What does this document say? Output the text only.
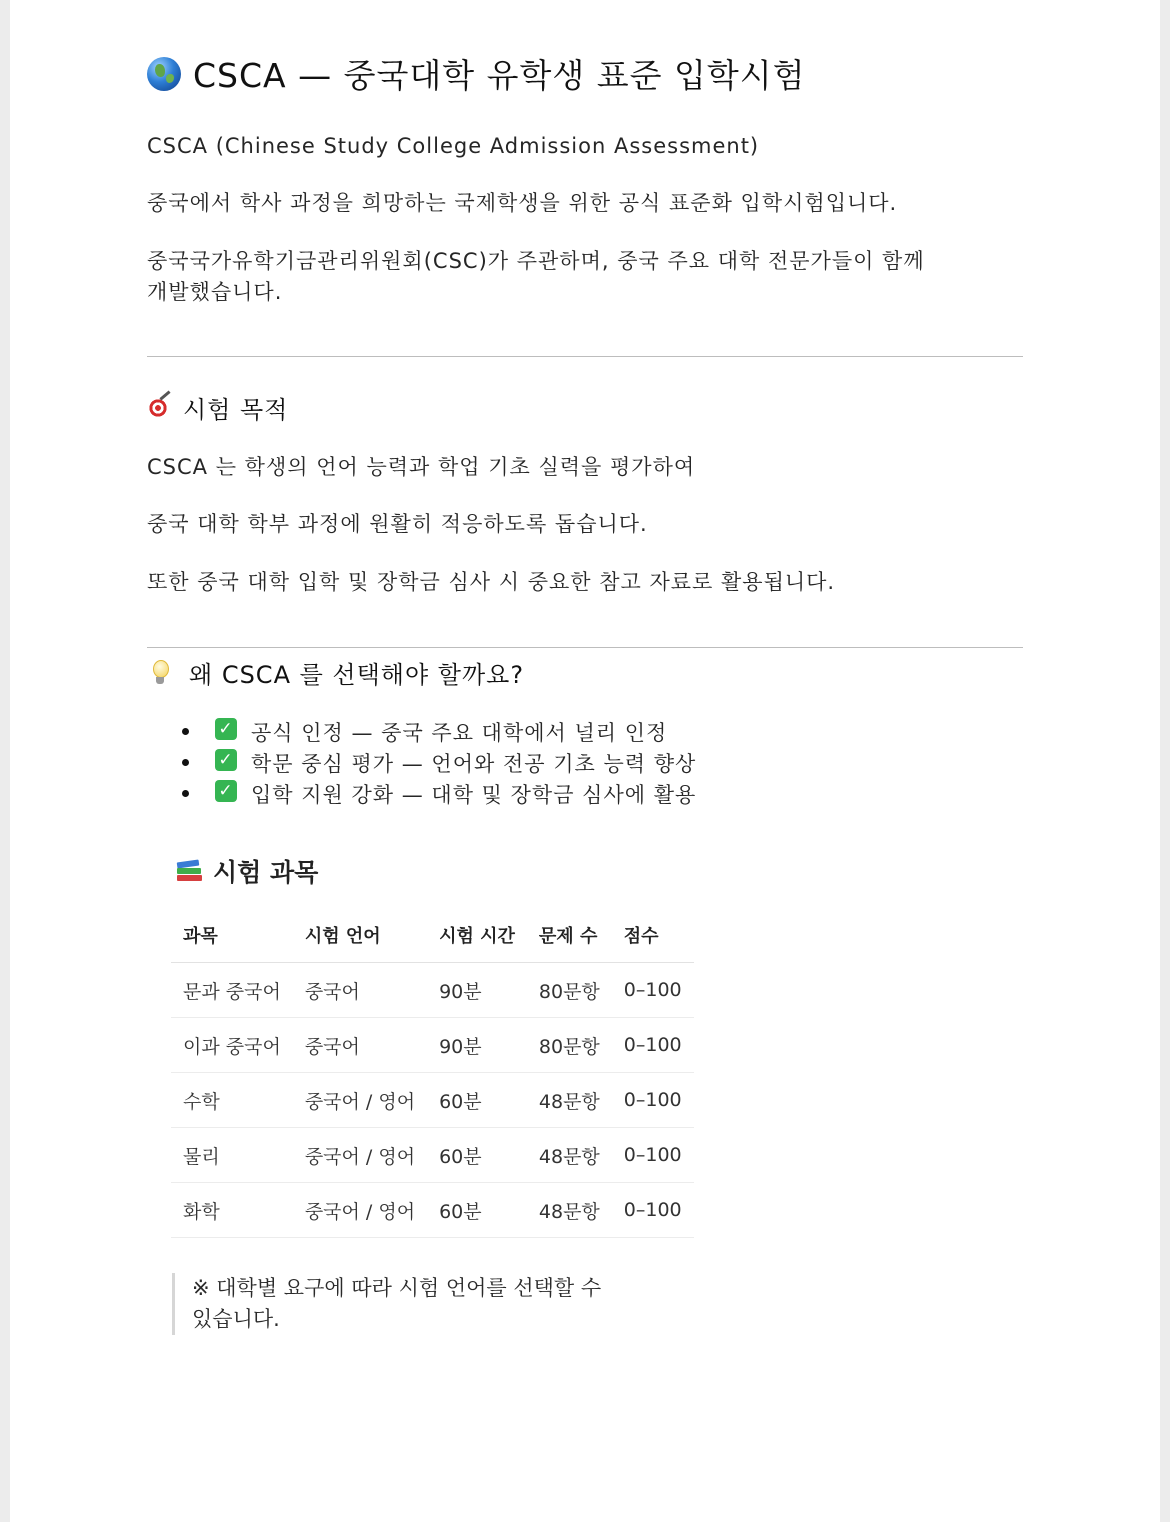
CSCA — 중국대학 유학생 표준 입학시험
CSCA (Chinese Study College Admission Assessment)
중국에서 학사 과정을 희망하는 국제학생을 위한 공식 표준화 입학시험입니다.
중국국가유학기금관리위원회(CSC)가 주관하며, 중국 주요 대학 전문가들이 함께
개발했습니다.
시험 목적
CSCA 는 학생의 언어 능력과 학업 기초 실력을 평가하여
중국 대학 학부 과정에 원활히 적응하도록 돕습니다.
또한 중국 대학 입학 및 장학금 심사 시 중요한 참고 자료로 활용됩니다.
왜 CSCA 를 선택해야 할까요?
✓ 공식 인정 — 중국 주요 대학에서 널리 인정
✓ 학문 중심 평가 — 언어와 전공 기초 능력 향상
✓ 입학 지원 강화 — 대학 및 장학금 심사에 활용
시험 과목
과목	시험 언어	시험 시간	문제 수	점수
문과 중국어	중국어	90분	80문항	0–100
이과 중국어	중국어	90분	80문항	0–100
수학	중국어 / 영어	60분	48문항	0–100
물리	중국어 / 영어	60분	48문항	0–100
화학	중국어 / 영어	60분	48문항	0–100
※ 대학별 요구에 따라 시험 언어를 선택할 수 있습니다.
